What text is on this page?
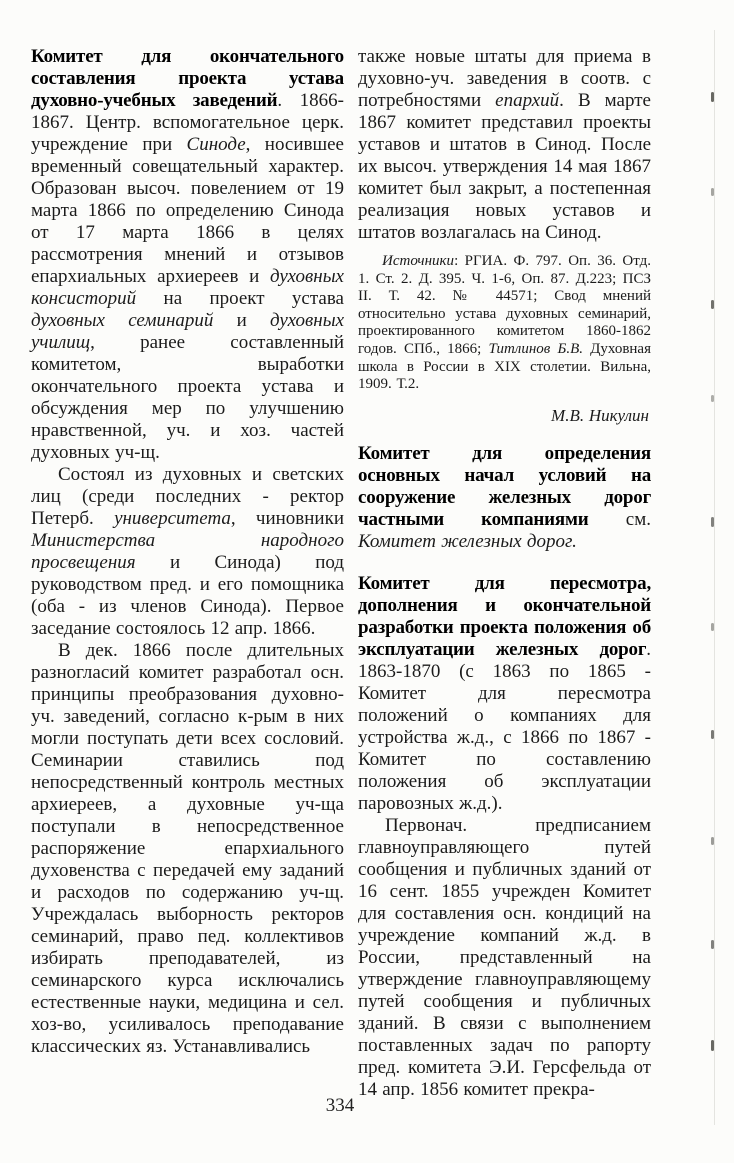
Комитет для окончательного составления проекта устава духовно-учебных заведений. 1866-1867. Центр. вспомогательное церк. учреждение при Синоде, носившее временный совещательный характер. Образован высоч. повелением от 19 марта 1866 по определению Синода от 17 марта 1866 в целях рассмотрения мнений и отзывов епархиальных архиереев и духовных консисторий на проект устава духовных семинарий и духовных училищ, ранее составленный комитетом, выработки окончательного проекта устава и обсуждения мер по улучшению нравственной, уч. и хоз. частей духовных уч-щ.

Состоял из духовных и светских лиц (среди последних - ректор Петерб. университета, чиновники Министерства народного просвещения и Синода) под руководством пред. и его помощника (оба - из членов Синода). Первое заседание состоялось 12 апр. 1866.

В дек. 1866 после длительных разногласий комитет разработал осн. принципы преобразования духовно-уч. заведений, согласно к-рым в них могли поступать дети всех сословий. Семинарии ставились под непосредственный контроль местных архиереев, а духовные уч-ща поступали в непосредственное распоряжение епархиального духовенства с передачей ему заданий и расходов по содержанию уч-щ. Учреждалась выборность ректоров семинарий, право пед. коллективов избирать преподавателей, из семинарского курса исключались естественные науки, медицина и сел. хоз-во, усиливалось преподавание классических яз. Устанавливались

также новые штаты для приема в духовно-уч. заведения в соотв. с потребностями епархий. В марте 1867 комитет представил проекты уставов и штатов в Синод. После их высоч. утверждения 14 мая 1867 комитет был закрыт, а постепенная реализация новых уставов и штатов возлагалась на Синод.

Источники: РГИА. Ф. 797. Оп. 36. Отд. 1. Ст. 2. Д. 395. Ч. 1-6, Оп. 87. Д.223; ПСЗ II. Т. 42. № 44571; Свод мнений относительно устава духовных семинарий, проектированного комитетом 1860-1862 годов. СПб., 1866; Титлинов Б.В. Духовная школа в России в XIX столетии. Вильна, 1909. Т.2.
М.В. Никулин

Комитет для определения основных начал условий на сооружение железных дорог частными компаниями см. Комитет железных дорог.

Комитет для пересмотра, дополнения и окончательной разработки проекта положения об эксплуатации железных дорог. 1863-1870 (с 1863 по 1865 - Комитет для пересмотра положений о компаниях для устройства ж.д., с 1866 по 1867 - Комитет по составлению положения об эксплуатации паровозных ж.д.).

Первонач. предписанием главноуправляющего путей сообщения и публичных зданий от 16 сент. 1855 учрежден Комитет для составления осн. кондиций на учреждение компаний ж.д. в России, представленный на утверждение главноуправляющему путей сообщения и публичных зданий. В связи с выполнением поставленных задач по рапорту пред. комитета Э.И. Герсфельда от 14 апр. 1856 комитет прекра-

334
